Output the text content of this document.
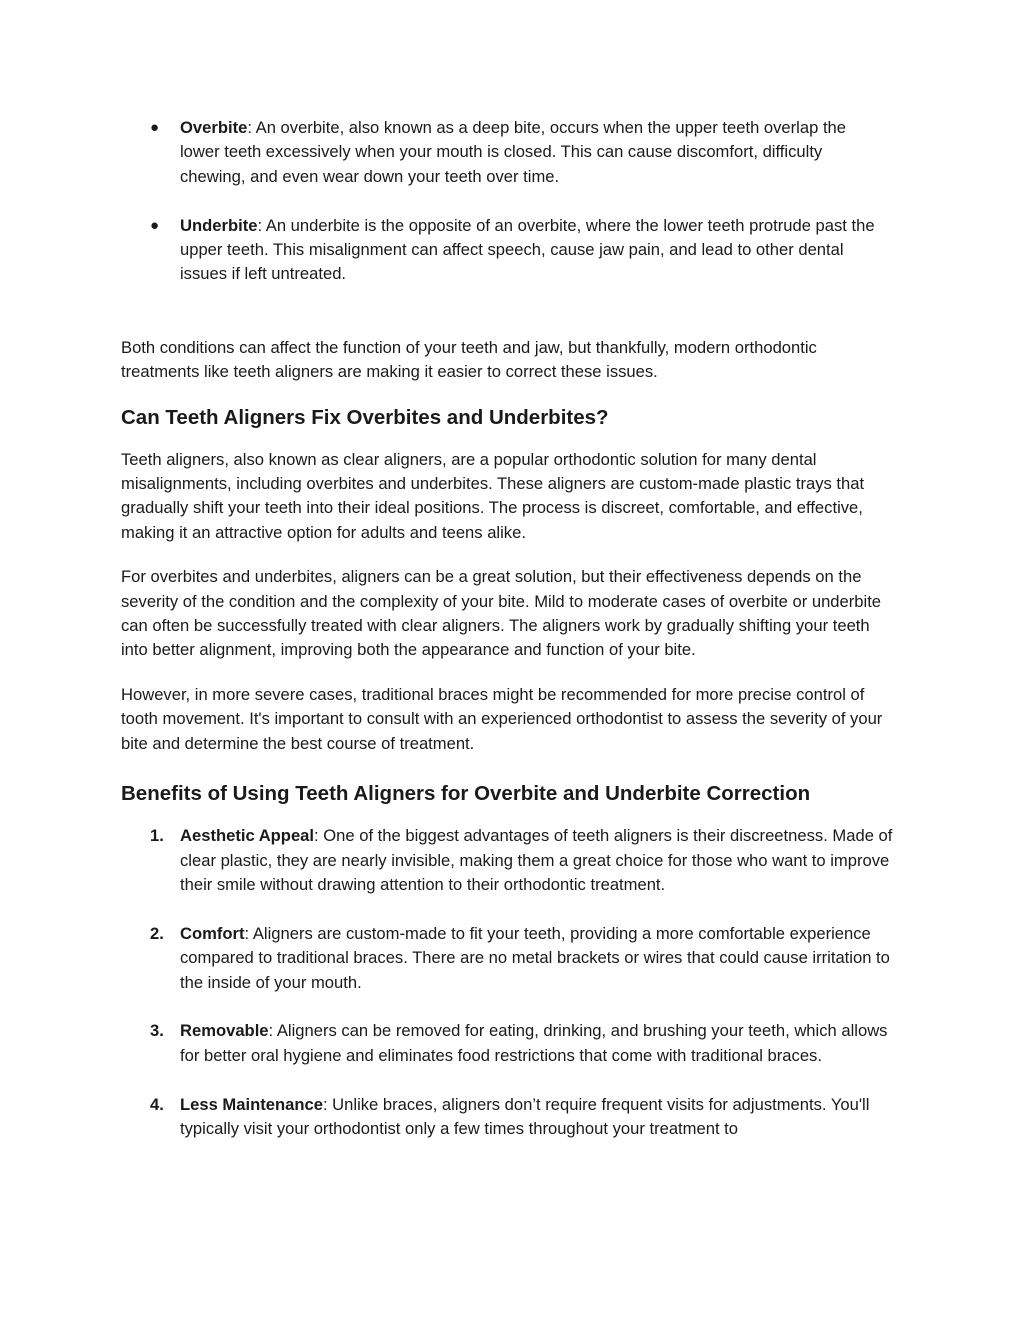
● Overbite: An overbite, also known as a deep bite, occurs when the upper teeth overlap the lower teeth excessively when your mouth is closed. This can cause discomfort, difficulty chewing, and even wear down your teeth over time.
● Underbite: An underbite is the opposite of an overbite, where the lower teeth protrude past the upper teeth. This misalignment can affect speech, cause jaw pain, and lead to other dental issues if left untreated.

Both conditions can affect the function of your teeth and jaw, but thankfully, modern orthodontic treatments like teeth aligners are making it easier to correct these issues.

Can Teeth Aligners Fix Overbites and Underbites?

Teeth aligners, also known as clear aligners, are a popular orthodontic solution for many dental misalignments, including overbites and underbites. These aligners are custom-made plastic trays that gradually shift your teeth into their ideal positions. The process is discreet, comfortable, and effective, making it an attractive option for adults and teens alike.

For overbites and underbites, aligners can be a great solution, but their effectiveness depends on the severity of the condition and the complexity of your bite. Mild to moderate cases of overbite or underbite can often be successfully treated with clear aligners. The aligners work by gradually shifting your teeth into better alignment, improving both the appearance and function of your bite.

However, in more severe cases, traditional braces might be recommended for more precise control of tooth movement. It's important to consult with an experienced orthodontist to assess the severity of your bite and determine the best course of treatment.

Benefits of Using Teeth Aligners for Overbite and Underbite Correction
1. Aesthetic Appeal: One of the biggest advantages of teeth aligners is their discreetness. Made of clear plastic, they are nearly invisible, making them a great choice for those who want to improve their smile without drawing attention to their orthodontic treatment.
2. Comfort: Aligners are custom-made to fit your teeth, providing a more comfortable experience compared to traditional braces. There are no metal brackets or wires that could cause irritation to the inside of your mouth.
3. Removable: Aligners can be removed for eating, drinking, and brushing your teeth, which allows for better oral hygiene and eliminates food restrictions that come with traditional braces.
4. Less Maintenance: Unlike braces, aligners don’t require frequent visits for adjustments. You'll typically visit your orthodontist only a few times throughout your treatment to
